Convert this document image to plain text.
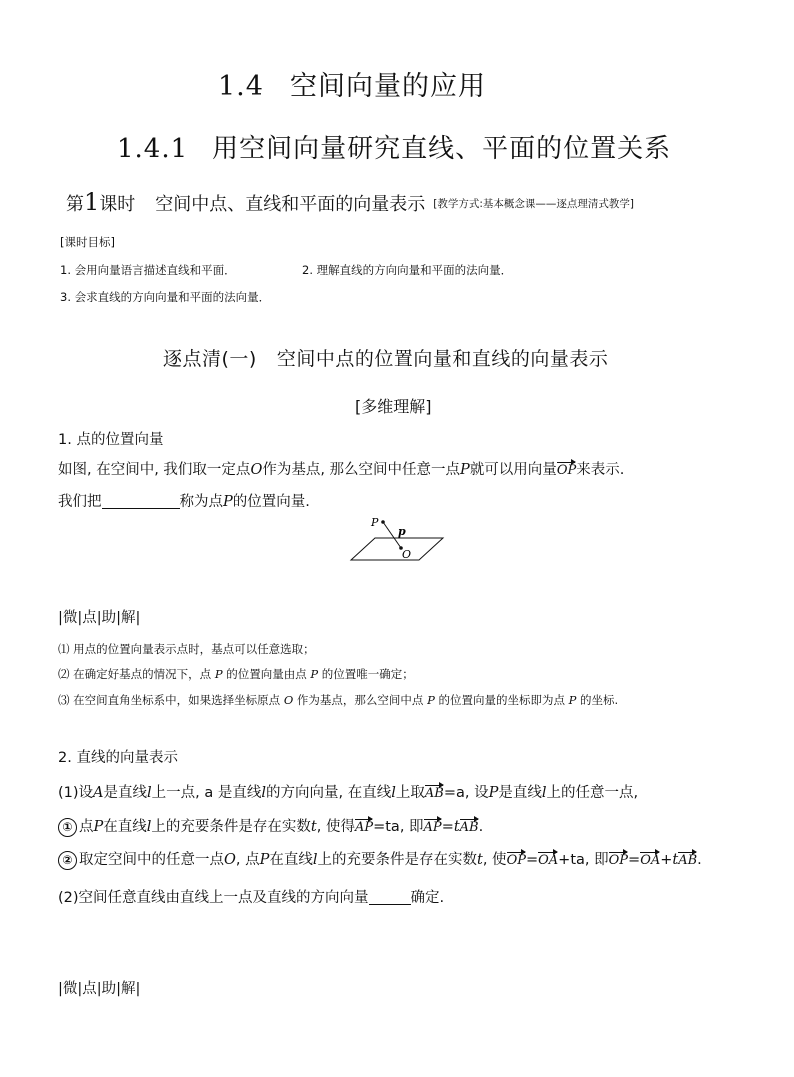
1.4 空间向量的应用
1.4.1 用空间向量研究直线、平面的位置关系
第1课时 空间中点、直线和平面的向量表示 [教学方式:基本概念课——逐点理清式教学]
[课时目标]
1. 会用向量语言描述直线和平面．	2. 理解直线的方向向量和平面的法向量．
3. 会求直线的方向向量和平面的法向量．
逐点清(一) 空间中点的位置向量和直线的向量表示
[多维理解]
1. 点的位置向量
如图, 在空间中, 我们取一定点O作为基点, 那么空间中任意一点P就可以用向量OP来表示.
我们把	称为点P的位置向量.
P
p
O
|微|点|助|解|
⑴ 用点的位置向量表示点时，基点可以任意选取；
⑵ 在确定好基点的情况下，点 P 的位置向量由点 P 的位置唯一确定；
⑶ 在空间直角坐标系中，如果选择坐标原点 O 作为基点，那么空间中点 P 的位置向量的坐标即为点 P 的坐标.
2. 直线的向量表示
(1)设A是直线l上一点, a 是直线l的方向向量, 在直线l上取AB=a, 设P是直线l上的任意一点,
① 点P在直线l上的充要条件是存在实数t, 使得AP=ta, 即AP=tAB.
② 取定空间中的任意一点O, 点P在直线l上的充要条件是存在实数t, 使OP=OA+ta, 即OP=OA+tAB.
(2)空间任意直线由直线上一点及直线的方向向量	确定.
|微|点|助|解|
